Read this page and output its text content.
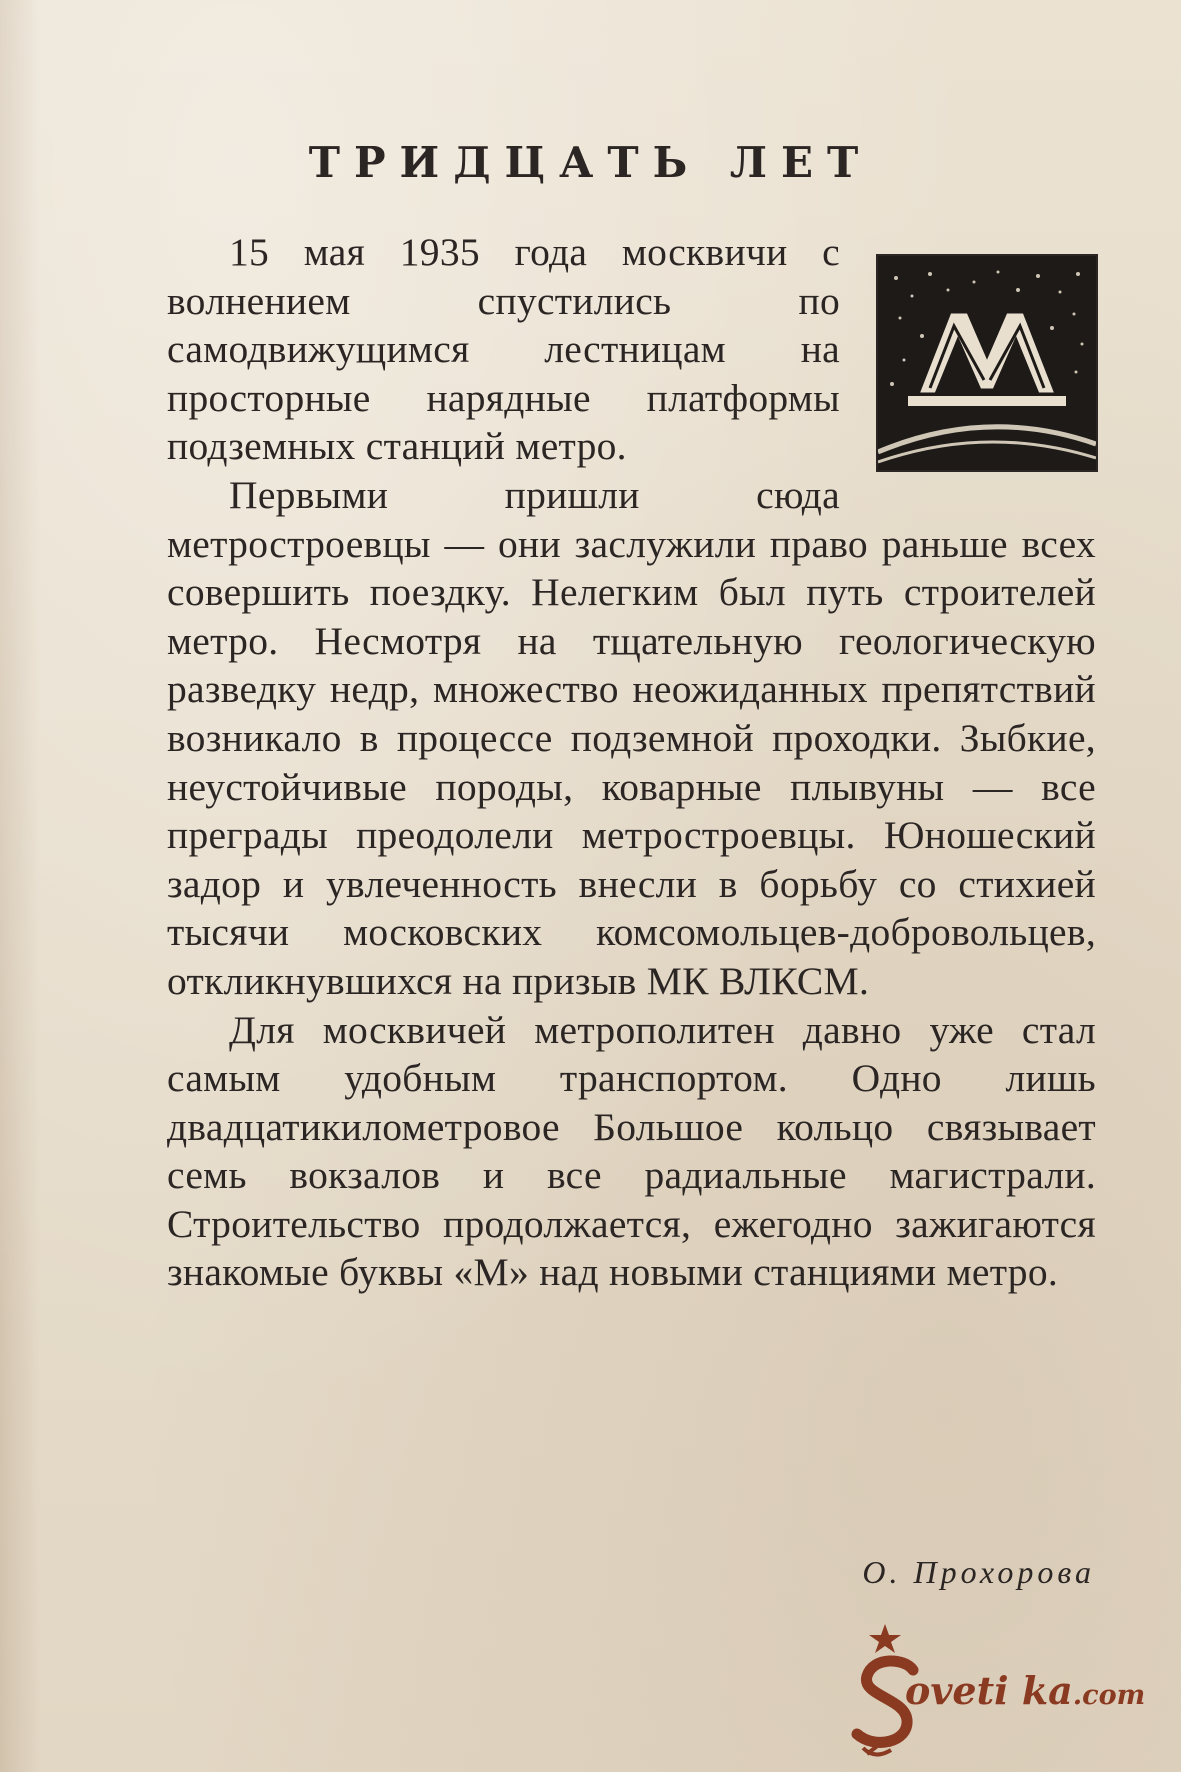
ТРИДЦАТЬ ЛЕТ

15 мая 1935 года москвичи с волнением спустились по самодвижущимся лестницам на просторные нарядные платформы подземных станций метро.

Первыми пришли сюда метростроевцы — они заслужили право раньше всех совершить поездку. Нелегким был путь строителей метро. Несмотря на тщательную геологическую разведку недр, множество неожиданных препятствий возникало в процессе подземной проходки. Зыбкие, неустойчивые породы, коварные плывуны — все преграды преодолели метростроевцы. Юношеский задор и увлеченность внесли в борьбу со стихией тысячи московских комсомольцев-добровольцев, откликнувшихся на призыв МК ВЛКСМ.

Для москвичей метрополитен давно уже стал самым удобным транспортом. Одно лишь двадцатикилометровое Большое кольцо связывает семь вокзалов и все радиальные магистрали. Строительство продолжается, ежегодно зажигаются знакомые буквы «М» над новыми станциями метро.

О. Прохорова
oveti ka.com
